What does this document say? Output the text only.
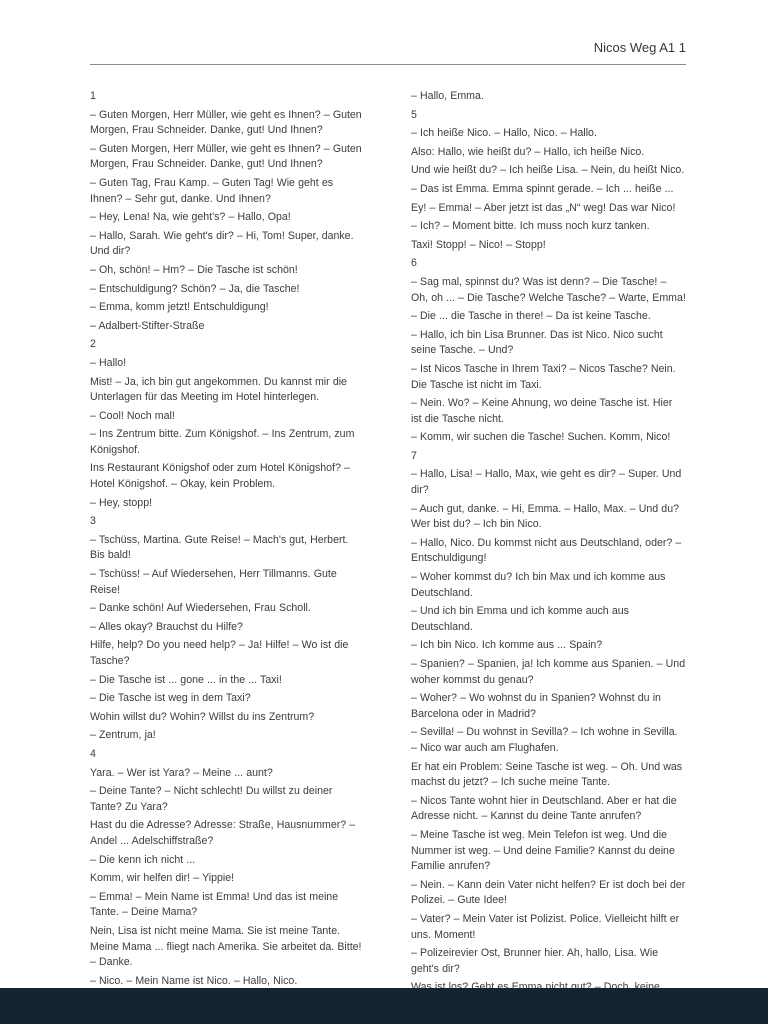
Nicos Weg A1 1

1

– Guten Morgen, Herr Müller, wie geht es Ihnen? – Guten Morgen, Frau Schneider. Danke, gut! Und Ihnen?

– Guten Morgen, Herr Müller, wie geht es Ihnen? – Guten Morgen, Frau Schneider. Danke, gut! Und Ihnen?

– Guten Tag, Frau Kamp. – Guten Tag! Wie geht es Ihnen? – Sehr gut, danke. Und Ihnen?

– Hey, Lena! Na, wie geht's? – Hallo, Opa!

– Hallo, Sarah. Wie geht's dir? – Hi, Tom! Super, danke. Und dir?

– Oh, schön! – Hm? – Die Tasche ist schön!

– Entschuldigung? Schön? – Ja, die Tasche!

– Emma, komm jetzt! Entschuldigung!

– Adalbert-Stifter-Straße

2

– Hallo!

Mist! – Ja, ich bin gut angekommen. Du kannst mir die Unterlagen für das Meeting im Hotel hinterlegen.

– Cool! Noch mal!

– Ins Zentrum bitte. Zum Königshof. – Ins Zentrum, zum Königshof.

Ins Restaurant Königshof oder zum Hotel Königshof? – Hotel Königshof. – Okay, kein Problem.

– Hey, stopp!

3

– Tschüss, Martina. Gute Reise! – Mach's gut, Herbert. Bis bald!

– Tschüss! – Auf Wiedersehen, Herr Tillmanns. Gute Reise!

– Danke schön! Auf Wiedersehen, Frau Scholl.

– Alles okay? Brauchst du Hilfe?

Hilfe, help? Do you need help? – Ja! Hilfe! – Wo ist die Tasche?

– Die Tasche ist ... gone ... in the ... Taxi!

– Die Tasche ist weg in dem Taxi?

Wohin willst du? Wohin? Willst du ins Zentrum?

– Zentrum, ja!

4

Yara. – Wer ist Yara? – Meine ... aunt?

– Deine Tante? – Nicht schlecht! Du willst zu deiner Tante? Zu Yara?

Hast du die Adresse? Adresse: Straße, Hausnummer? – Andel ... Adelschiffstraße?

– Die kenn ich nicht ...

Komm, wir helfen dir! – Yippie!

– Emma! – Mein Name ist Emma! Und das ist meine Tante. – Deine Mama?

Nein, Lisa ist nicht meine Mama. Sie ist meine Tante. Meine Mama ... fliegt nach Amerika. Sie arbeitet da. Bitte! – Danke.

– Nico. – Mein Name ist Nico. – Hallo, Nico.

– Hallo, Emma.

5

– Ich heiße Nico. – Hallo, Nico. – Hallo.

Also: Hallo, wie heißt du? – Hallo, ich heiße Nico.

Und wie heißt du? – Ich heiße Lisa. – Nein, du heißt Nico.

– Das ist Emma. Emma spinnt gerade. – Ich ... heiße ...

Ey! – Emma! – Aber jetzt ist das „N“ weg! Das war Nico!

– Ich? – Moment bitte. Ich muss noch kurz tanken.

Taxi! Stopp! – Nico! – Stopp!

6

– Sag mal, spinnst du? Was ist denn? – Die Tasche! – Oh, oh ... – Die Tasche? Welche Tasche? – Warte, Emma!

– Die ... die Tasche in there! – Da ist keine Tasche.

– Hallo, ich bin Lisa Brunner. Das ist Nico. Nico sucht seine Tasche. – Und?

– Ist Nicos Tasche in Ihrem Taxi? – Nicos Tasche? Nein. Die Tasche ist nicht im Taxi.

– Nein. Wo? – Keine Ahnung, wo deine Tasche ist. Hier ist die Tasche nicht.

– Komm, wir suchen die Tasche! Suchen. Komm, Nico!

7

– Hallo, Lisa! – Hallo, Max, wie geht es dir? – Super. Und dir?

– Auch gut, danke. – Hi, Emma. – Hallo, Max. – Und du? Wer bist du? – Ich bin Nico.

– Hallo, Nico. Du kommst nicht aus Deutschland, oder? – Entschuldigung!

– Woher kommst du? Ich bin Max und ich komme aus Deutschland.

– Und ich bin Emma und ich komme auch aus Deutschland.

– Ich bin Nico. Ich komme aus ... Spain?

– Spanien? – Spanien, ja! Ich komme aus Spanien. – Und woher kommst du genau?

– Woher? – Wo wohnst du in Spanien? Wohnst du in Barcelona oder in Madrid?

– Sevilla! – Du wohnst in Sevilla? – Ich wohne in Sevilla. – Nico war auch am Flughafen.

Er hat ein Problem: Seine Tasche ist weg. – Oh. Und was machst du jetzt? – Ich suche meine Tante.

– Nicos Tante wohnt hier in Deutschland. Aber er hat die Adresse nicht. – Kannst du deine Tante anrufen?

– Meine Tasche ist weg. Mein Telefon ist weg. Und die Nummer ist weg. – Und deine Familie? Kannst du deine Familie anrufen?

– Nein. – Kann dein Vater nicht helfen? Er ist doch bei der Polizei. – Gute Idee!

– Vater? – Mein Vater ist Polizist. Police. Vielleicht hilft er uns. Moment!

– Polizeirevier Ost, Brunner hier. Ah, hallo, Lisa. Wie geht's dir?
